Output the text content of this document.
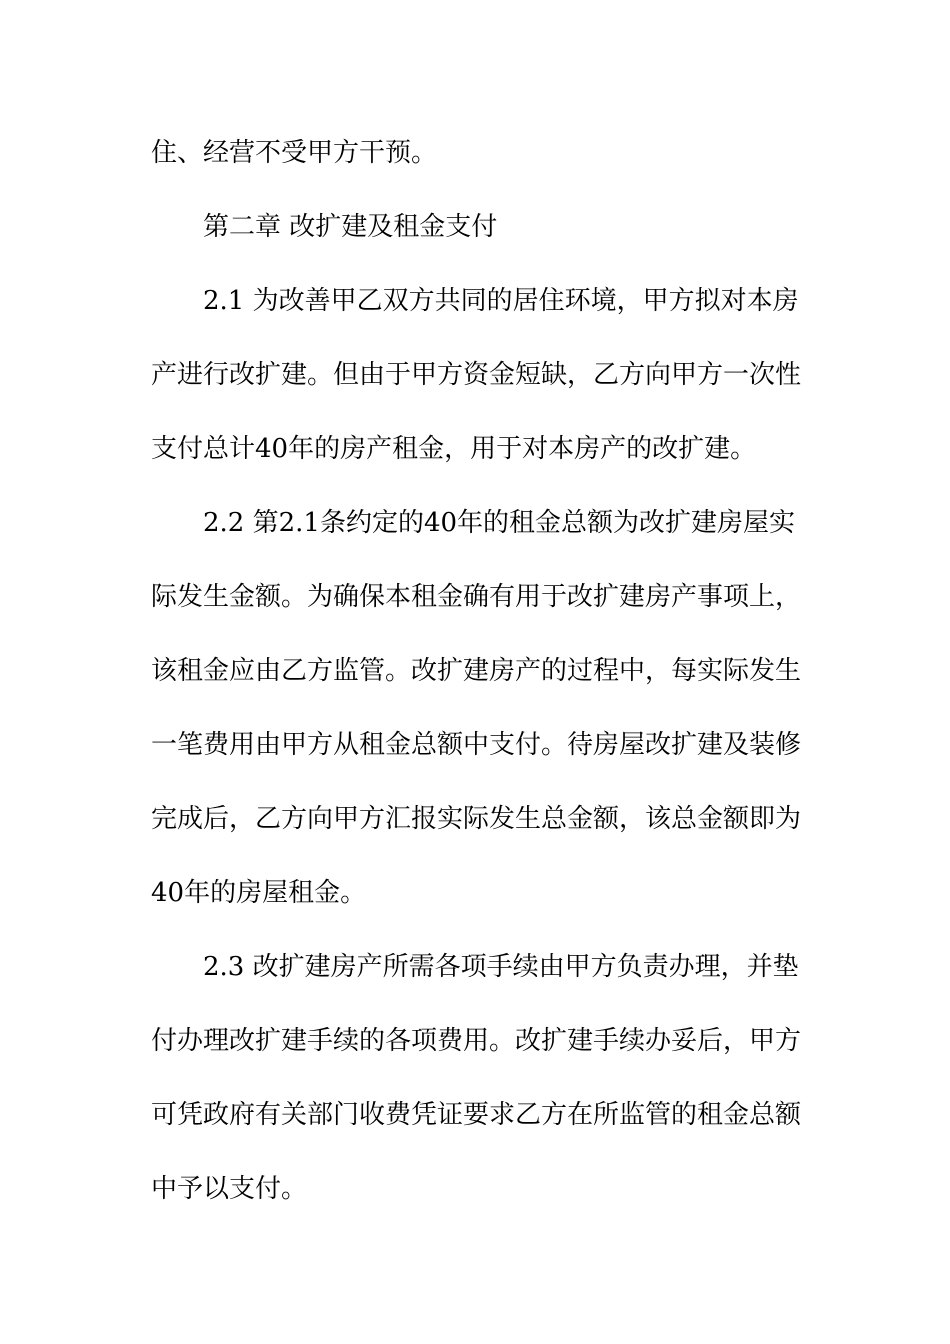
住、经营不受甲方干预。
第二章 改扩建及租金支付
2.1 为改善甲乙双方共同的居住环境，甲方拟对本房
产进行改扩建。但由于甲方资金短缺，乙方向甲方一次性
支付总计40年的房产租金，用于对本房产的改扩建。
2.2 第2.1条约定的40年的租金总额为改扩建房屋实
际发生金额。为确保本租金确有用于改扩建房产事项上，
该租金应由乙方监管。改扩建房产的过程中，每实际发生
一笔费用由甲方从租金总额中支付。待房屋改扩建及装修
完成后，乙方向甲方汇报实际发生总金额，该总金额即为
40年的房屋租金。
2.3 改扩建房产所需各项手续由甲方负责办理，并垫
付办理改扩建手续的各项费用。改扩建手续办妥后，甲方
可凭政府有关部门收费凭证要求乙方在所监管的租金总额
中予以支付。
